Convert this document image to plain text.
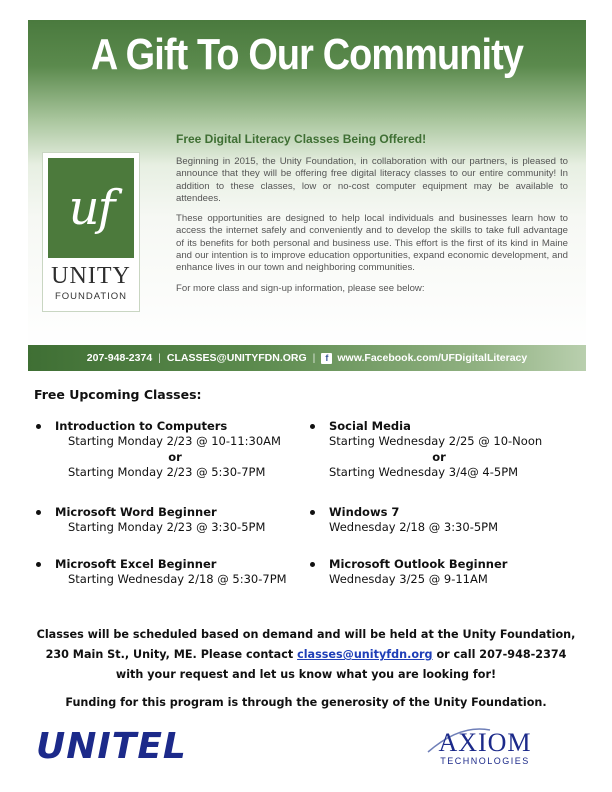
A Gift To Our Community
uf
UNITY
FOUNDATION
Free Digital Literacy Classes Being Offered!

Beginning in 2015, the Unity Foundation, in collaboration with our partners, is pleased to announce that they will be offering free digital literacy classes to our entire community! In addition to these classes, low or no-cost computer equipment may be available to attendees.

These opportunities are designed to help local individuals and businesses learn how to access the internet safely and conveniently and to develop the skills to take full advantage of its benefits for both personal and business use. This effort is the first of its kind in Maine and our intention is to improve education opportunities, expand economic development, and enhance lives in our town and neighboring communities.

For more class and sign-up information, please see below:

207-948-2374 | CLASSES@UNITYFDN.ORG |	f www.Facebook.com/UFDigitalLiteracy
Free Upcoming Classes:
Introduction to Computers
Starting Monday 2/23 @ 10-11:30AM
or
Starting Monday 2/23 @ 5:30-7PM
Microsoft Word Beginner
Starting Monday 2/23 @ 3:30-5PM
Microsoft Excel Beginner
Starting Wednesday 2/18 @ 5:30-7PM
Social Media
Starting Wednesday 2/25 @ 10-Noon
or
Starting Wednesday 3/4@ 4-5PM
Windows 7
Wednesday 2/18 @ 3:30-5PM
Microsoft Outlook Beginner
Wednesday 3/25 @ 9-11AM
Classes will be scheduled based on demand and will be held at the Unity Foundation, 230 Main St., Unity, ME. Please contact classes@unityfdn.org or call 207-948-2374 with your request and let us know what you are looking for!
Funding for this program is through the generosity of the Unity Foundation.
UNITEL	AXIOM
TECHNOLOGIES
